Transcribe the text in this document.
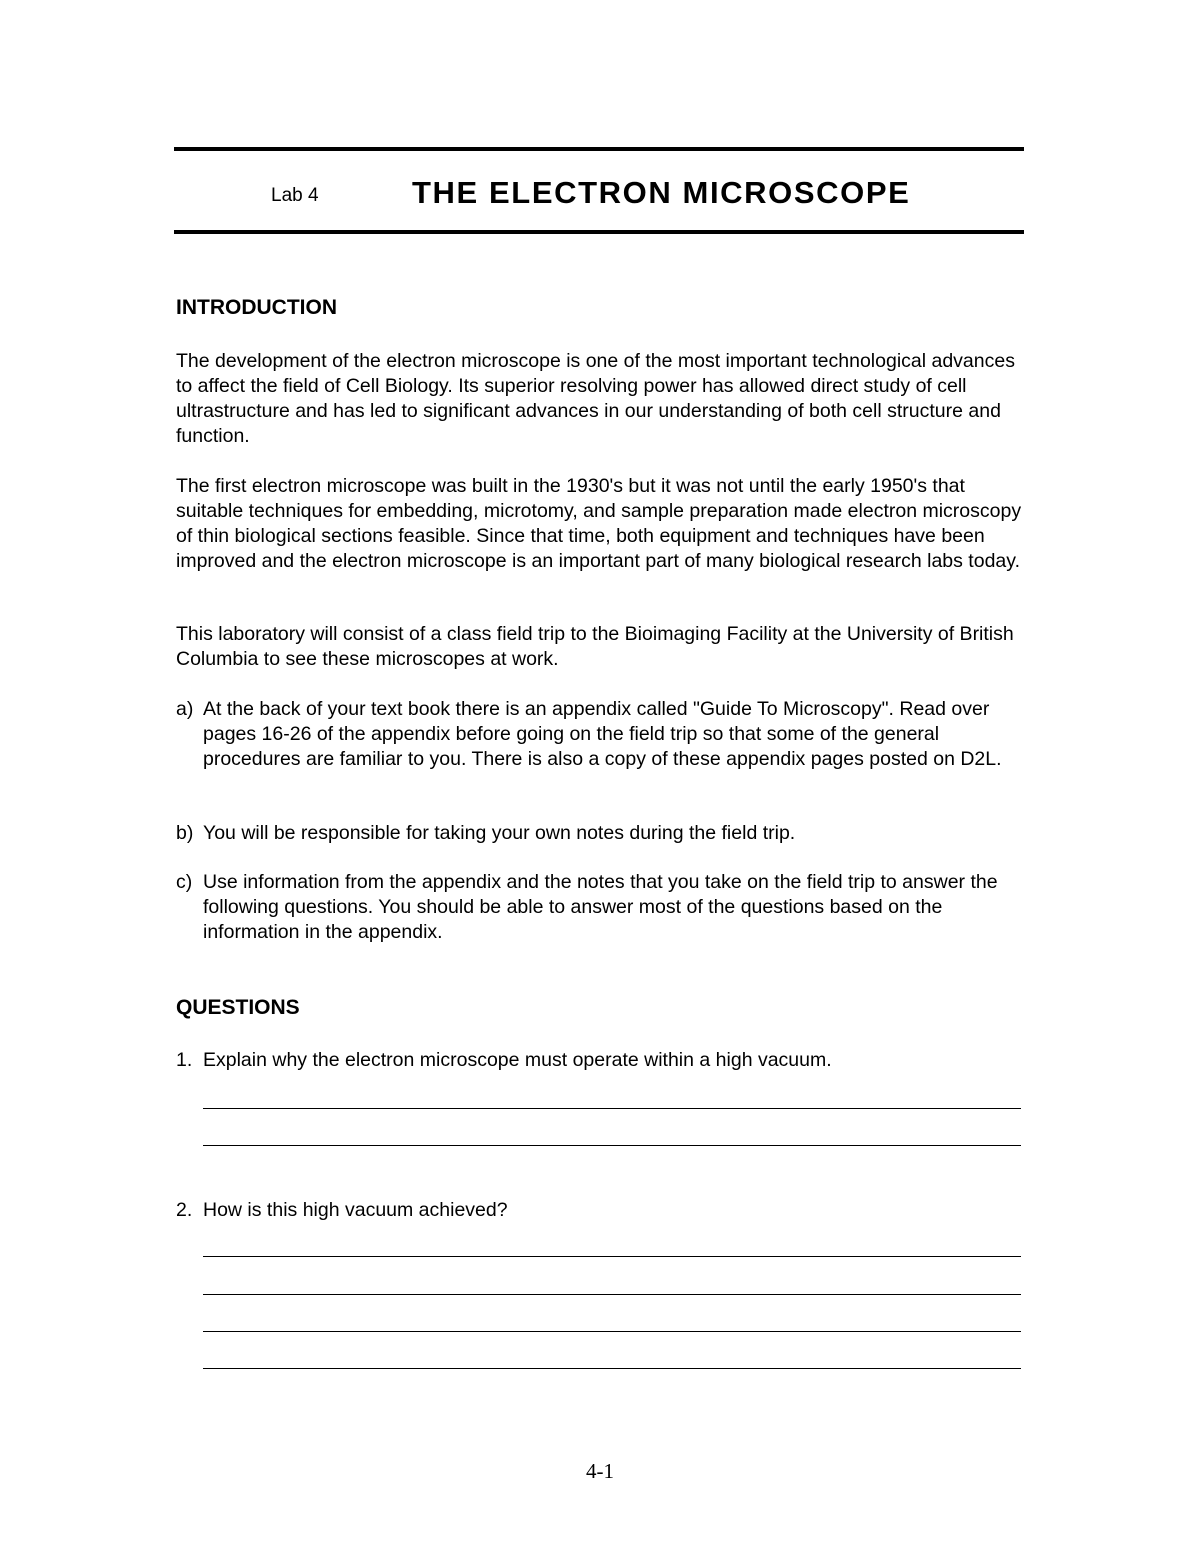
Lab 4	THE ELECTRON MICROSCOPE
INTRODUCTION

The development of the electron microscope is one of the most important technological advances to affect the field of Cell Biology. Its superior resolving power has allowed direct study of cell ultrastructure and has led to significant advances in our understanding of both cell structure and function.

The first electron microscope was built in the 1930's but it was not until the early 1950's that suitable techniques for embedding, microtomy, and sample preparation made electron microscopy of thin biological sections feasible. Since that time, both equipment and techniques have been improved and the electron microscope is an important part of many biological research labs today.

This laboratory will consist of a class field trip to the Bioimaging Facility at the University of British Columbia to see these microscopes at work.

a) At the back of your text book there is an appendix called "Guide To Microscopy". Read over pages 16-26 of the appendix before going on the field trip so that some of the general procedures are familiar to you. There is also a copy of these appendix pages posted on D2L.
b) You will be responsible for taking your own notes during the field trip.
c) Use information from the appendix and the notes that you take on the field trip to answer the following questions. You should be able to answer most of the questions based on the information in the appendix.
QUESTIONS
1. Explain why the electron microscope must operate within a high vacuum.
2. How is this high vacuum achieved?
4-1
